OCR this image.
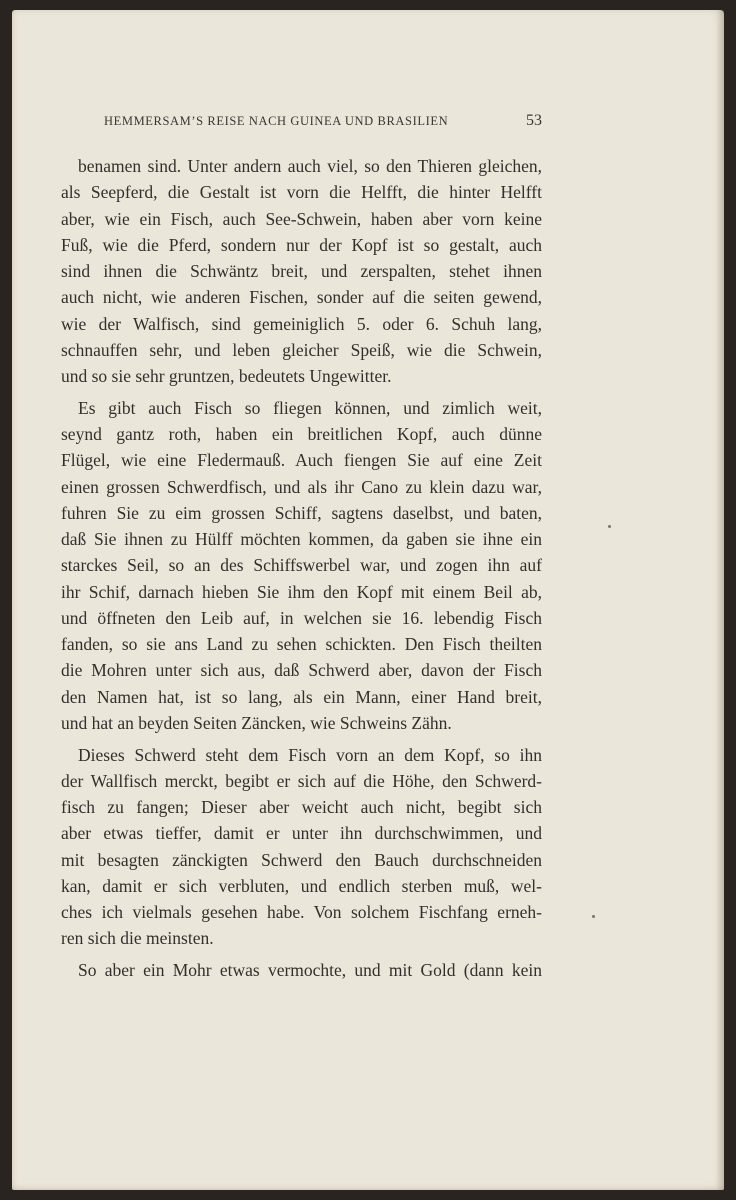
HEMMERSAM’S REISE NACH GUINEA UND BRASILIEN	53

benamen sind. Unter andern auch viel, so den Thieren gleichen,
als Seepferd, die Gestalt ist vorn die Helfft, die hinter Helfft
aber, wie ein Fisch, auch See-Schwein, haben aber vorn keine
Fuß, wie die Pferd, sondern nur der Kopf ist so gestalt, auch
sind ihnen die Schwäntz breit, und zerspalten, stehet ihnen
auch nicht, wie anderen Fischen, sonder auf die seiten gewend,
wie der Walfisch, sind gemeiniglich 5. oder 6. Schuh lang,
schnauffen sehr, und leben gleicher Speiß, wie die Schwein,
und so sie sehr gruntzen, bedeutets Ungewitter.

Es gibt auch Fisch so fliegen können, und zimlich weit,
seynd gantz roth, haben ein breitlichen Kopf, auch dünne
Flügel, wie eine Fledermauß. Auch fiengen Sie auf eine Zeit
einen grossen Schwerdfisch, und als ihr Cano zu klein dazu war,
fuhren Sie zu eim grossen Schiff, sagtens daselbst, und baten,
daß Sie ihnen zu Hülff möchten kommen, da gaben sie ihne ein
starckes Seil, so an des Schiffswerbel war, und zogen ihn auf
ihr Schif, darnach hieben Sie ihm den Kopf mit einem Beil ab,
und öffneten den Leib auf, in welchen sie 16. lebendig Fisch
fanden, so sie ans Land zu sehen schickten. Den Fisch theilten
die Mohren unter sich aus, daß Schwerd aber, davon der Fisch
den Namen hat, ist so lang, als ein Mann, einer Hand breit,
und hat an beyden Seiten Zäncken, wie Schweins Zähn.

Dieses Schwerd steht dem Fisch vorn an dem Kopf, so ihn
der Wallfisch merckt, begibt er sich auf die Höhe, den Schwerd-
fisch zu fangen; Dieser aber weicht auch nicht, begibt sich
aber etwas tieffer, damit er unter ihn durchschwimmen, und
mit besagten zänckigten Schwerd den Bauch durchschneiden
kan, damit er sich verbluten, und endlich sterben muß, wel-
ches ich vielmals gesehen habe. Von solchem Fischfang erneh-
ren sich die meinsten.

So aber ein Mohr etwas vermochte, und mit Gold (dann kein
